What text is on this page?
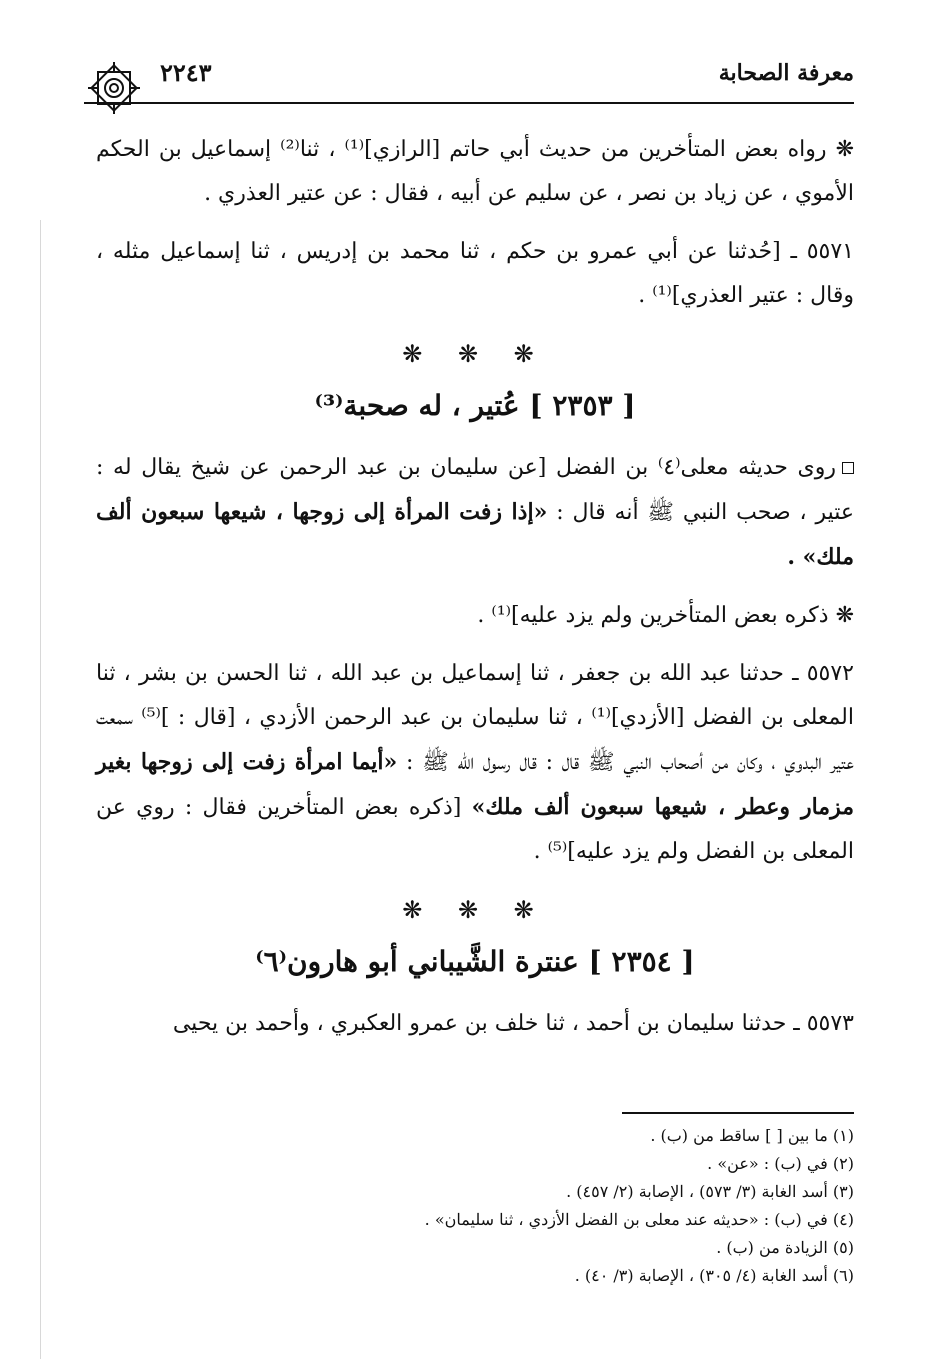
معرفة الصحابة
٢٢٤٣

❋ رواه بعض المتأخرين من حديث أبي حاتم [الرازي]⁽¹⁾ ، ثنا⁽²⁾ إسماعيل بن الحكم الأموي ، عن زياد بن نصر ، عن سليم عن أبيه ، فقال : عن عتير العذري .

٥٥٧١ ـ [حُدثنا عن أبي عمرو بن حكم ، ثنا محمد بن إدريس ، ثنا إسماعيل مثله ، وقال : عتير العذري]⁽¹⁾ .

❋ ❋ ❋
[ ٢٣٥٣ ] عُتير ، له صحبة⁽³⁾

روى حديثه معلى⁽٤⁾ بن الفضل [عن سليمان بن عبد الرحمن عن شيخ يقال له : عتير ، صحب النبي ﷺ أنه قال : «إذا زفت المرأة إلى زوجها ، شيعها سبعون ألف ملك» .

❋ ذكره بعض المتأخرين ولم يزد عليه]⁽¹⁾ .

٥٥٧٢ ـ حدثنا عبد الله بن جعفر ، ثنا إسماعيل بن عبد الله ، ثنا الحسن بن بشر ، ثنا المعلى بن الفضل [الأزدي]⁽¹⁾ ، ثنا سليمان بن عبد الرحمن الأزدي ، [قال : ]⁽⁵⁾ سمعت عتير البدوي ، وكان من أصحاب النبي ﷺ قال : قال رسول الله ﷺ : «أيما امرأة زفت إلى زوجها بغير مزمار وعطر ، شيعها سبعون ألف ملك» [ذكره بعض المتأخرين فقال : روي عن المعلى بن الفضل ولم يزد عليه]⁽⁵⁾ .

❋ ❋ ❋
[ ٢٣٥٤ ] عنترة الشَّيباني أبو هارون⁽٦⁾

٥٥٧٣ ـ حدثنا سليمان بن أحمد ، ثنا خلف بن عمرو العكبري ، وأحمد بن يحيى

(١) ما بين [ ] ساقط من (ب) .

(٢) في (ب) : «عن» .

(٣) أسد الغابة (٣/ ٥٧٣) ، الإصابة (٢/ ٤٥٧) .

(٤) في (ب) : «حديثه عند معلى بن الفضل الأزدي ، ثنا سليمان» .

(٥) الزيادة من (ب) .

(٦) أسد الغابة (٤/ ٣٠٥) ، الإصابة (٣/ ٤٠) .
